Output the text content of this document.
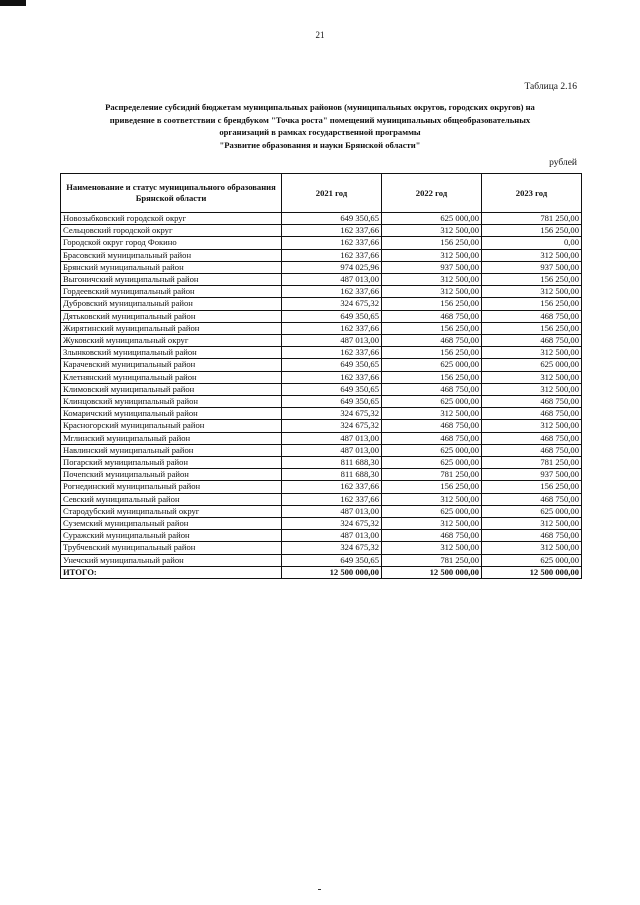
21
Таблица 2.16
Распределение субсидий бюджетам муниципальных районов (муниципальных округов, городских округов) на
приведение в соответствии с брендбуком "Точка роста" помещений муниципальных общеобразовательных
организаций в рамках государственной программы
"Развитие образования и науки Брянской области"
рублей
Наименование и статус муниципального образования Брянской области	2021 год	2022 год	2023 год
Новозыбковский городской округ	649 350,65	625 000,00	781 250,00
Сельцовский городской округ	162 337,66	312 500,00	156 250,00
Городской округ город Фокино	162 337,66	156 250,00	0,00
Брасовский муниципальный район	162 337,66	312 500,00	312 500,00
Брянский муниципальный район	974 025,96	937 500,00	937 500,00
Выгоничский муниципальный район	487 013,00	312 500,00	156 250,00
Гордеевский муниципальный район	162 337,66	312 500,00	312 500,00
Дубровский муниципальный район	324 675,32	156 250,00	156 250,00
Дятьковский муниципальный район	649 350,65	468 750,00	468 750,00
Жирятинский муниципальный район	162 337,66	156 250,00	156 250,00
Жуковский муниципальный округ	487 013,00	468 750,00	468 750,00
Злынковский муниципальный район	162 337,66	156 250,00	312 500,00
Карачевский муниципальный район	649 350,65	625 000,00	625 000,00
Клетнянский муниципальный район	162 337,66	156 250,00	312 500,00
Климовский муниципальный район	649 350,65	468 750,00	312 500,00
Клинцовский муниципальный район	649 350,65	625 000,00	468 750,00
Комаричский муниципальный район	324 675,32	312 500,00	468 750,00
Красногорский муниципальный район	324 675,32	468 750,00	312 500,00
Мглинский муниципальный район	487 013,00	468 750,00	468 750,00
Навлинский муниципальный район	487 013,00	625 000,00	468 750,00
Погарский муниципальный район	811 688,30	625 000,00	781 250,00
Почепский муниципальный район	811 688,30	781 250,00	937 500,00
Рогнединский муниципальный район	162 337,66	156 250,00	156 250,00
Севский муниципальный район	162 337,66	312 500,00	468 750,00
Стародубский муниципальный округ	487 013,00	625 000,00	625 000,00
Суземский муниципальный район	324 675,32	312 500,00	312 500,00
Суражский муниципальный район	487 013,00	468 750,00	468 750,00
Трубчевский муниципальный район	324 675,32	312 500,00	312 500,00
Унечский муниципальный район	649 350,65	781 250,00	625 000,00
ИТОГО:	12 500 000,00	12 500 000,00	12 500 000,00
